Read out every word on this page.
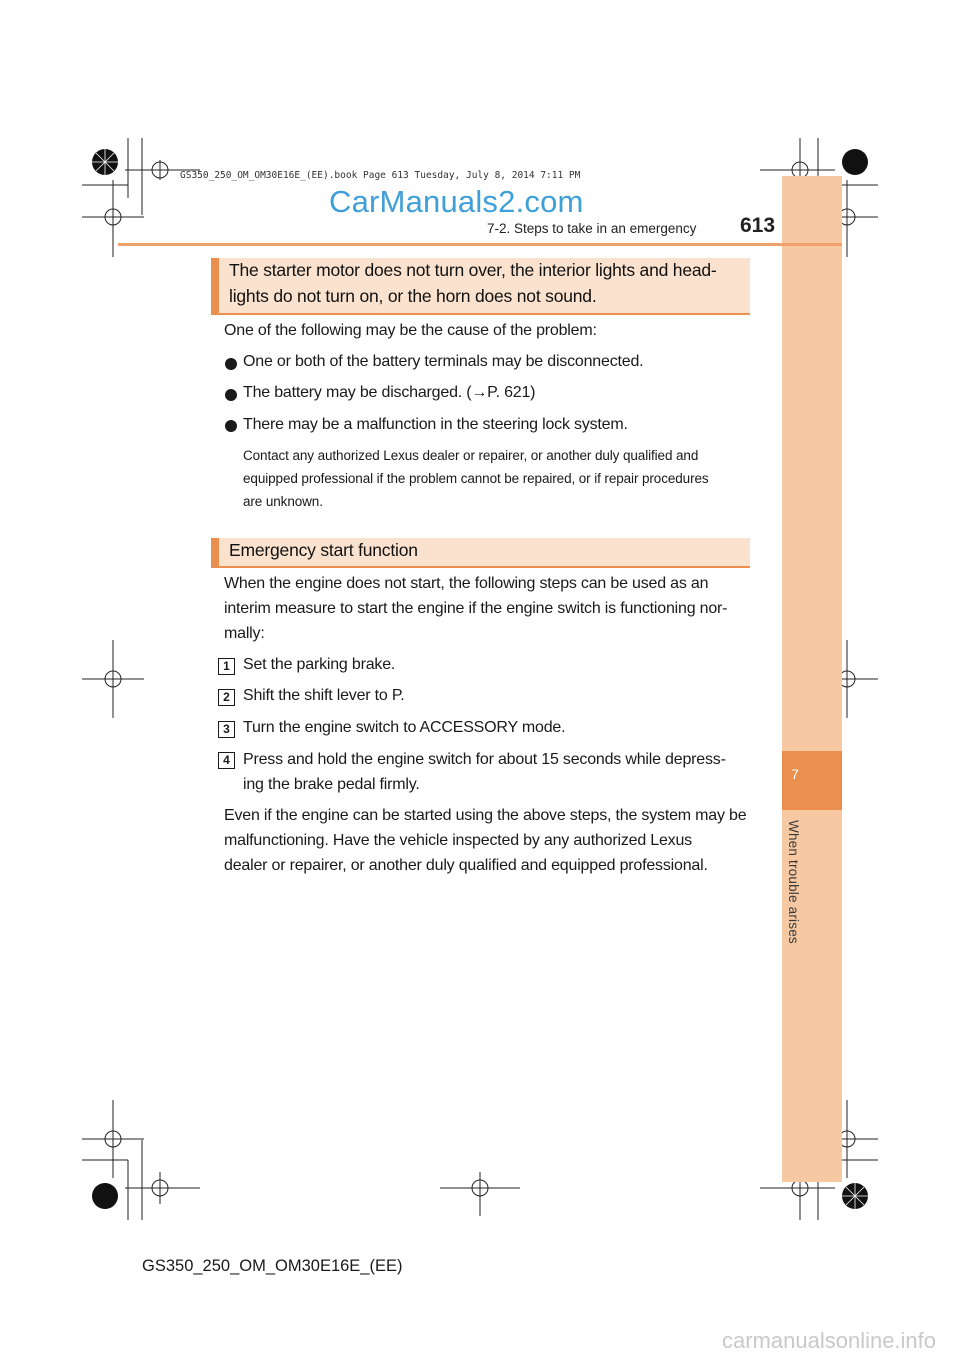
GS350_250_OM_OM30E16E_(EE).book Page 613 Tuesday, July 8, 2014 7:11 PM
CarManuals2.com
7
When trouble arises
7-2. Steps to take in an emergency 613
The starter motor does not turn over, the interior lights and head-
lights do not turn on, or the horn does not sound.
One of the following may be the cause of the problem:
One or both of the battery terminals may be disconnected.
The battery may be discharged. (→P. 621)
There may be a malfunction in the steering lock system.
Contact any authorized Lexus dealer or repairer, or another duly qualified and
equipped professional if the problem cannot be repaired, or if repair procedures
are unknown.
Emergency start function
When the engine does not start, the following steps can be used as an
interim measure to start the engine if the engine switch is functioning nor-
mally:
1 Set the parking brake.
2 Shift the shift lever to P.
3 Turn the engine switch to ACCESSORY mode.
4 Press and hold the engine switch for about 15 seconds while depress-
ing the brake pedal firmly.
Even if the engine can be started using the above steps, the system may be
malfunctioning. Have the vehicle inspected by any authorized Lexus
dealer or repairer, or another duly qualified and equipped professional.
GS350_250_OM_OM30E16E_(EE)
carmanualsonline.info
